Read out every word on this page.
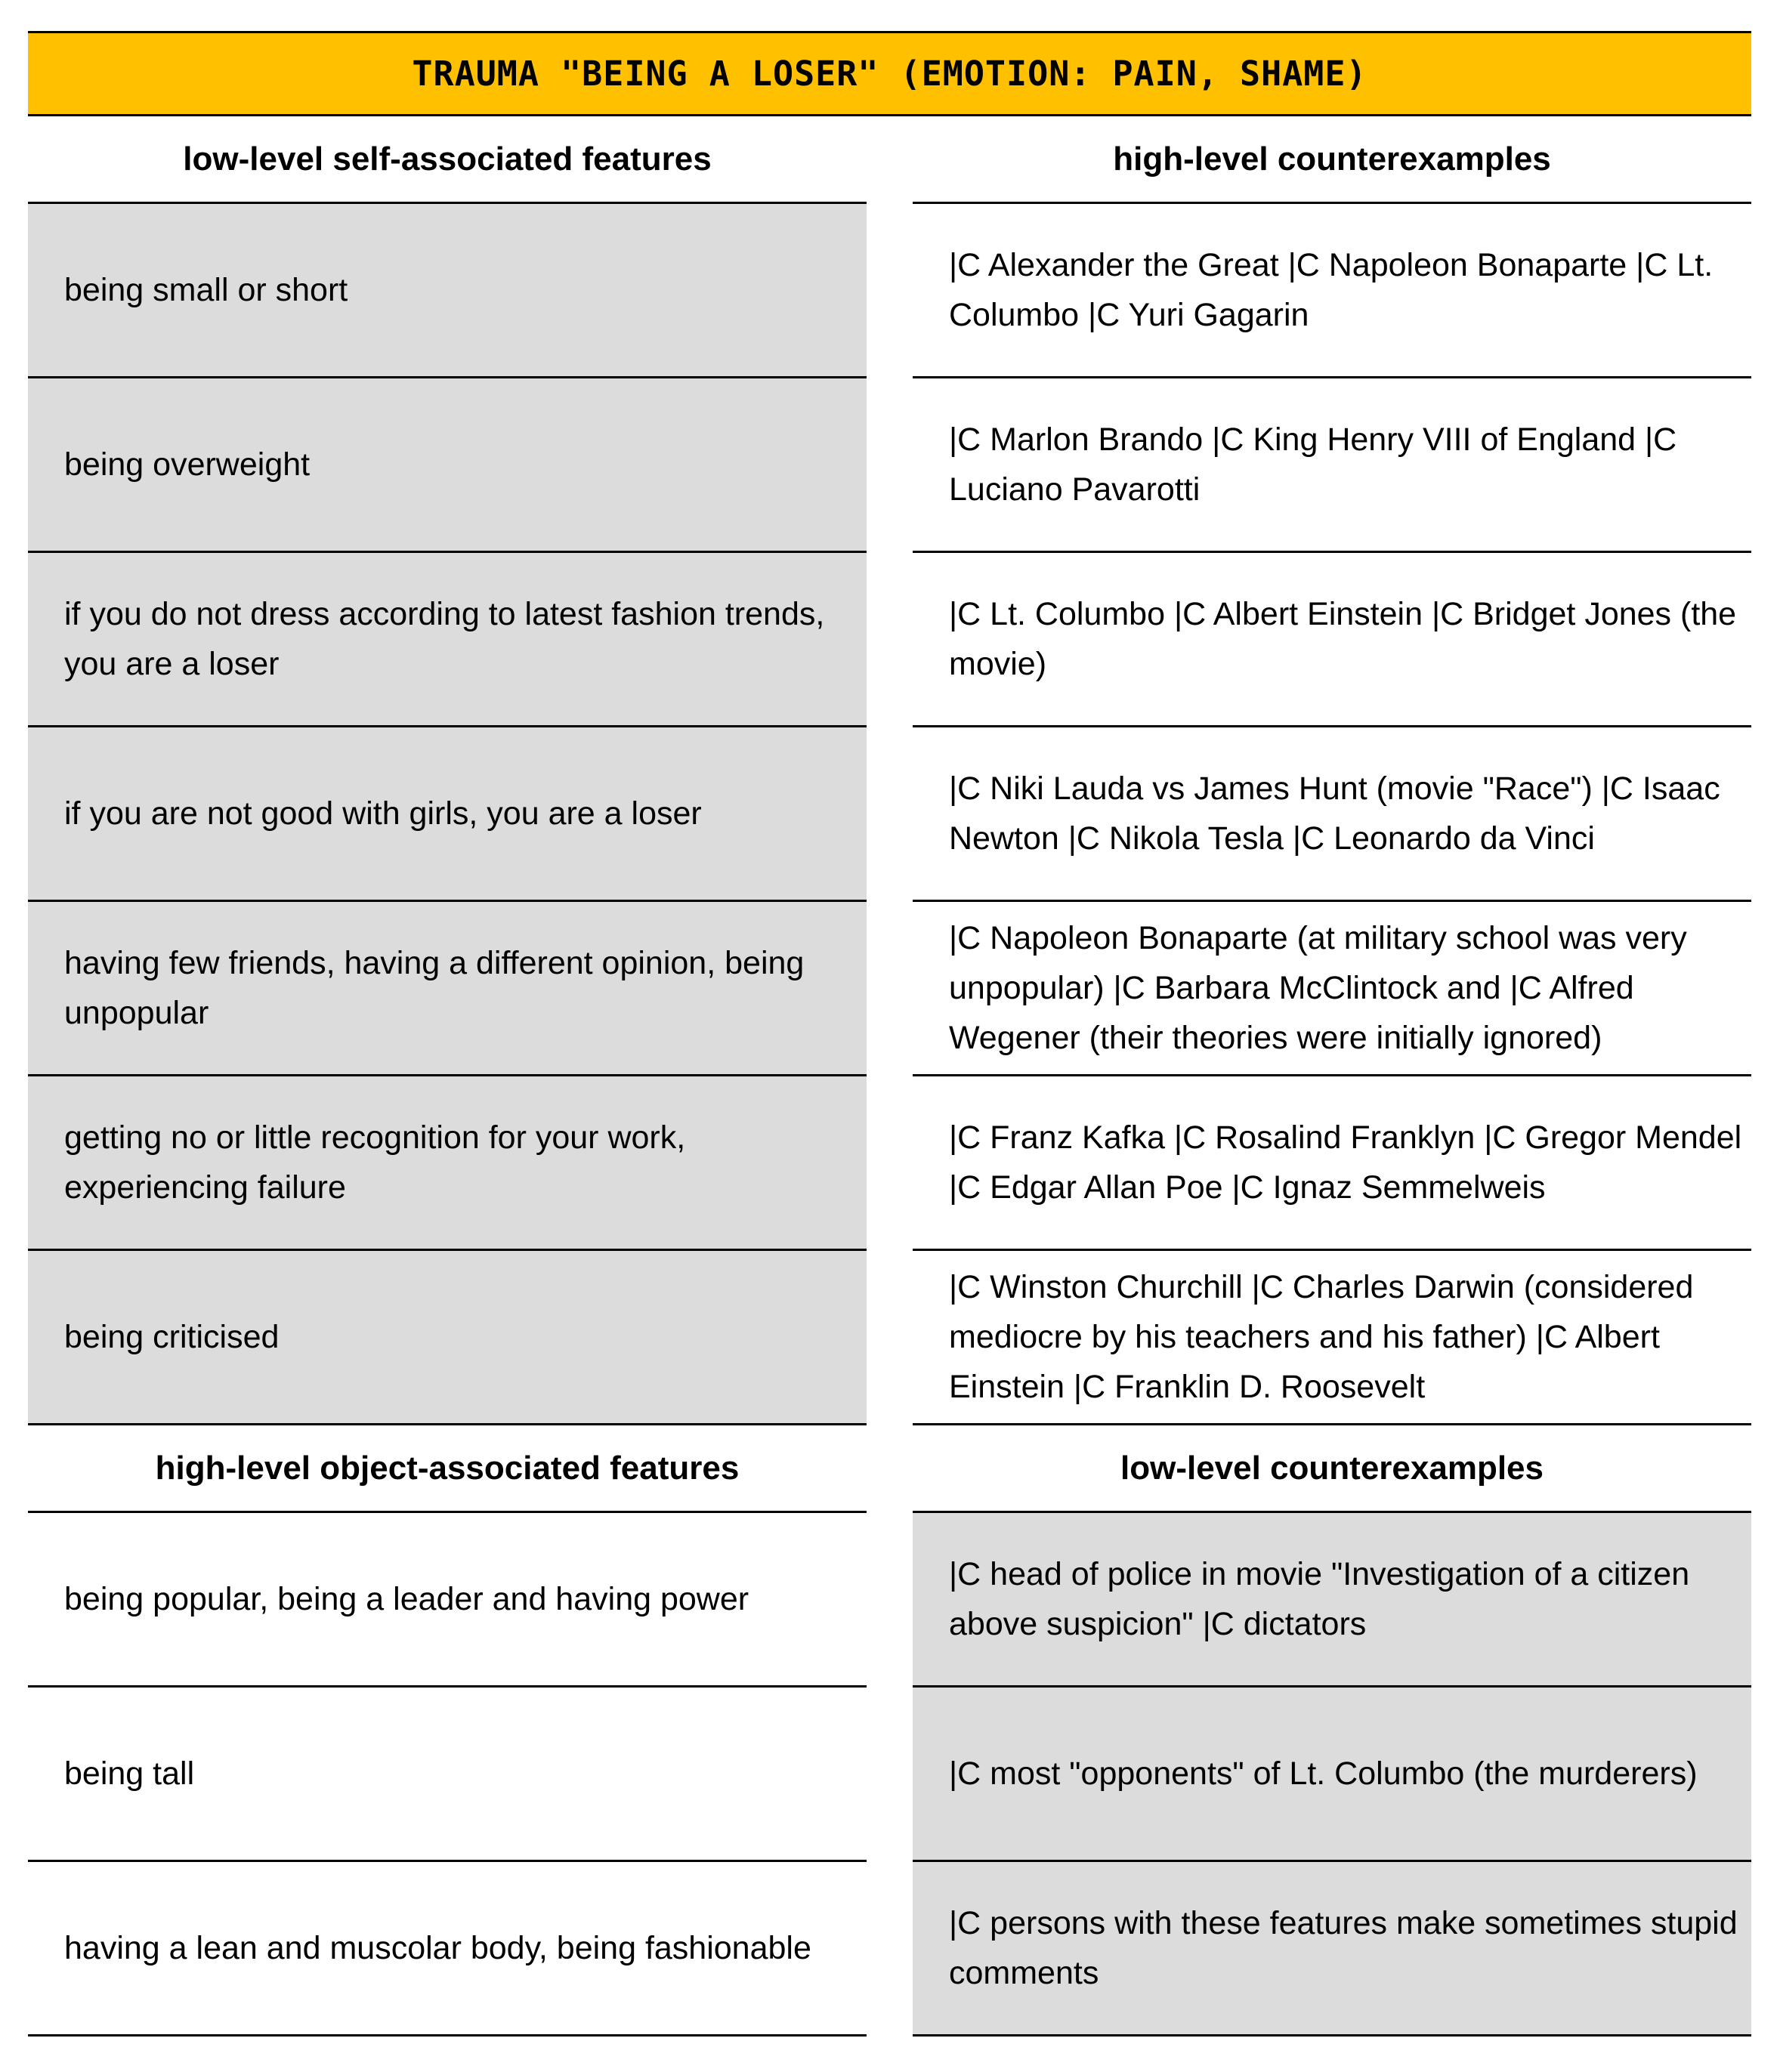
TRAUMA "BEING A LOSER" (EMOTION: PAIN, SHAME)
low-level self-associated features
being small or short
being overweight
if you do not dress according to latest fashion trends, you are a loser
if you are not good with girls, you are a loser
having few friends, having a different opinion, being unpopular
getting no or little recognition for your work, experiencing failure
being criticised
high-level counterexamples
|C Alexander the Great |C Napoleon Bonaparte |C Lt. Columbo |C Yuri Gagarin
|C Marlon Brando |C King Henry VIII of England |C Luciano Pavarotti
|C Lt. Columbo |C Albert Einstein |C Bridget Jones (the movie)
|C Niki Lauda vs James Hunt (movie "Race") |C Isaac Newton |C Nikola Tesla |C Leonardo da Vinci
|C Napoleon Bonaparte (at military school was very unpopular) |C Barbara McClintock and |C Alfred Wegener (their theories were initially ignored)
|C Franz Kafka |C Rosalind Franklyn |C Gregor Mendel |C Edgar Allan Poe |C Ignaz Semmelweis
|C Winston Churchill |C Charles Darwin (considered mediocre by his teachers and his father) |C Albert Einstein |C Franklin D. Roosevelt
high-level object-associated features
being popular, being a leader and having power
being tall
having a lean and muscolar body, being fashionable
low-level counterexamples
|C head of police in movie "Investigation of a citizen above suspicion" |C dictators
|C most "opponents" of Lt. Columbo (the murderers)
|C persons with these features make sometimes stupid comments
